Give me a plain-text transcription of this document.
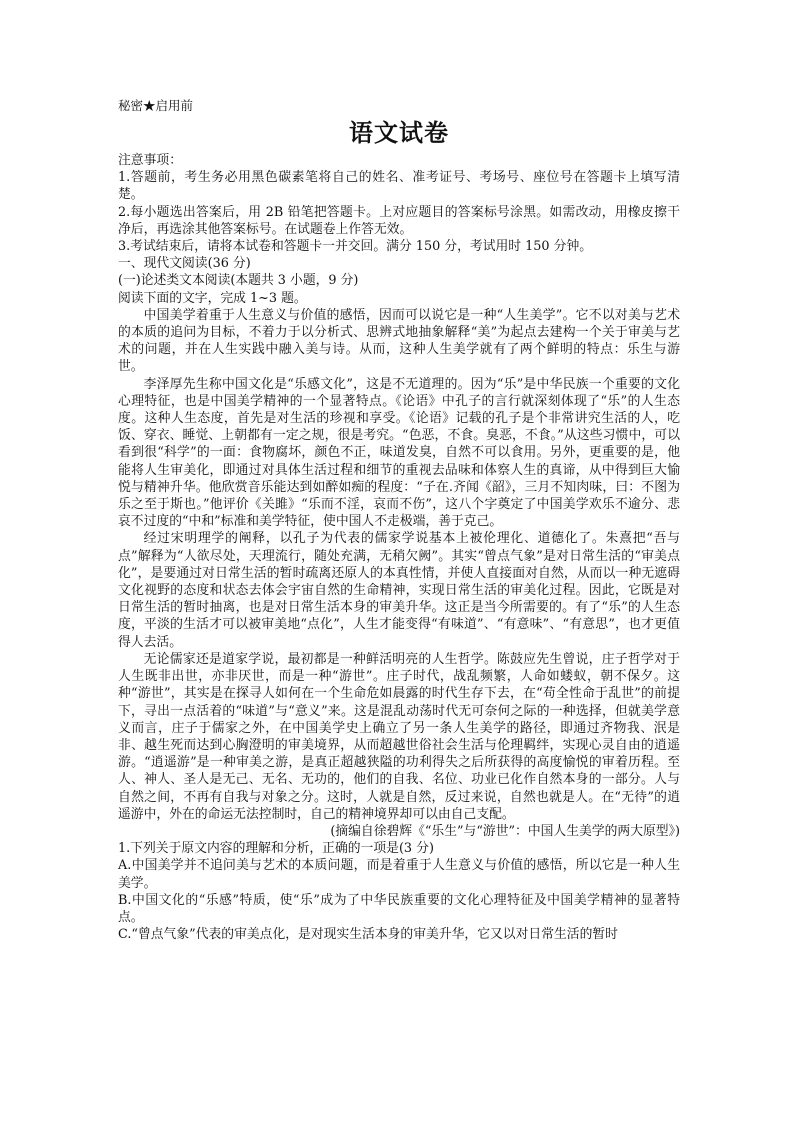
秘密★启用前

语文试卷

注意事项：

1.答题前，考生务必用黑色碳素笔将自己的姓名、准考证号、考场号、座位号在答题卡上填写清楚。

2.每小题选出答案后，用 2B 铅笔把答题卡。上对应题目的答案标号涂黑。如需改动，用橡皮擦干净后，再选涂其他答案标号。在试题卷上作答无效。

3.考试结束后，请将本试卷和答题卡一并交回。满分 150 分，考试用时 150 分钟。

一、现代文阅读(36 分)

(一)论述类文本阅读(本题共 3 小题，9 分)

阅读下面的文字，完成 1~3 题。

中国美学着重于人生意义与价值的感悟，因而可以说它是一种“人生美学”。它不以对美与艺术的本质的追问为目标，不着力于以分析式、思辨式地抽象解释“美”为起点去建构一个关于审美与艺术的问题，并在人生实践中融入美与诗。从而，这种人生美学就有了两个鲜明的特点：乐生与游世。

李泽厚先生称中国文化是“乐感文化”，这是不无道理的。因为“乐”是中华民族一个重要的文化心理特征，也是中国美学精神的一个显著特点。《论语》中孔子的言行就深刻体现了“乐”的人生态度。这种人生态度，首先是对生活的珍视和享受。《论语》记载的孔子是个非常讲究生活的人，吃饭、穿衣、睡觉、上朝都有一定之规，很是考究。“色恶，不食。臭恶，不食。”从这些习惯中，可以看到很“科学”的一面：食物腐坏，颜色不正，味道发臭，自然不可以食用。另外，更重要的是，他能将人生审美化，即通过对具体生活过程和细节的重视去品味和体察人生的真谛，从中得到巨大愉悦与精神升华。他欣赏音乐能达到如醉如痴的程度：“子在.齐闻《韶》，三月不知肉味，曰：不图为乐之至于斯也。”他评价《关雎》“乐而不淫，哀而不伤”，这八个字奠定了中国美学欢乐不逾分、悲哀不过度的“中和”标准和美学特征，使中国人不走极端，善于克己。

经过宋明理学的阐释，以孔子为代表的儒家学说基本上被伦理化、道德化了。朱熹把“吾与点”解释为“人欲尽处，天理流行，随处充满，无稍欠阙”。其实“曾点气象”是对日常生活的“审美点化”，是要通过对日常生活的暂时疏离还原人的本真性情，并使人直接面对自然，从而以一种无遮碍文化视野的态度和状态去体会宇宙自然的生命精神，实现日常生活的审美化过程。因此，它既是对日常生活的暂时抽离，也是对日常生活本身的审美升华。这正是当今所需要的。有了“乐”的人生态度，平淡的生活才可以被审美地“点化”，人生才能变得“有味道”、“有意味”、“有意思”，也才更值得人去活。

无论儒家还是道家学说，最初都是一种鲜活明亮的人生哲学。陈鼓应先生曾说，庄子哲学对于人生既非出世，亦非厌世，而是一种“游世”。庄子时代，战乱频繁，人命如蝼蚁，朝不保夕。这种“游世”，其实是在探寻人如何在一个生命危如晨露的时代生存下去，在“苟全性命于乱世”的前提下，寻出一点活着的“味道”与“意义”来。这是混乱动荡时代无可奈何之际的一种选择，但就美学意义而言，庄子于儒家之外，在中国美学史上确立了另一条人生美学的路径，即通过齐物我、泯是非、越生死而达到心胸澄明的审美境界，从而超越世俗社会生活与伦理羁绊，实现心灵自由的逍遥游。“逍遥游”是一种审美之游，是真正超越狭隘的功利得失之后所获得的高度愉悦的审着历程。至人、神人、圣人是无己、无名、无功的，他们的自我、名位、功业已化作自然本身的一部分。人与自然之间，不再有自我与对象之分。这时，人就是自然，反过来说，自然也就是人。在“无待”的逍遥游中，外在的命运无法控制时，自己的精神境界却可以由自己支配。

(摘编自徐碧辉《“乐生”与“游世”：中国人生美学的两大原型》)

1.下列关于原文内容的理解和分析，正确的一项是(3 分)

A.中国美学并不追问美与艺术的本质问题，而是着重于人生意义与价值的感悟，所以它是一种人生美学。

B.中国文化的“乐感”特质，使“乐”成为了中华民族重要的文化心理特征及中国美学精神的显著特点。

C.“曾点气象”代表的审美点化，是对现实生活本身的审美升华，它又以对日常生活的暂时
